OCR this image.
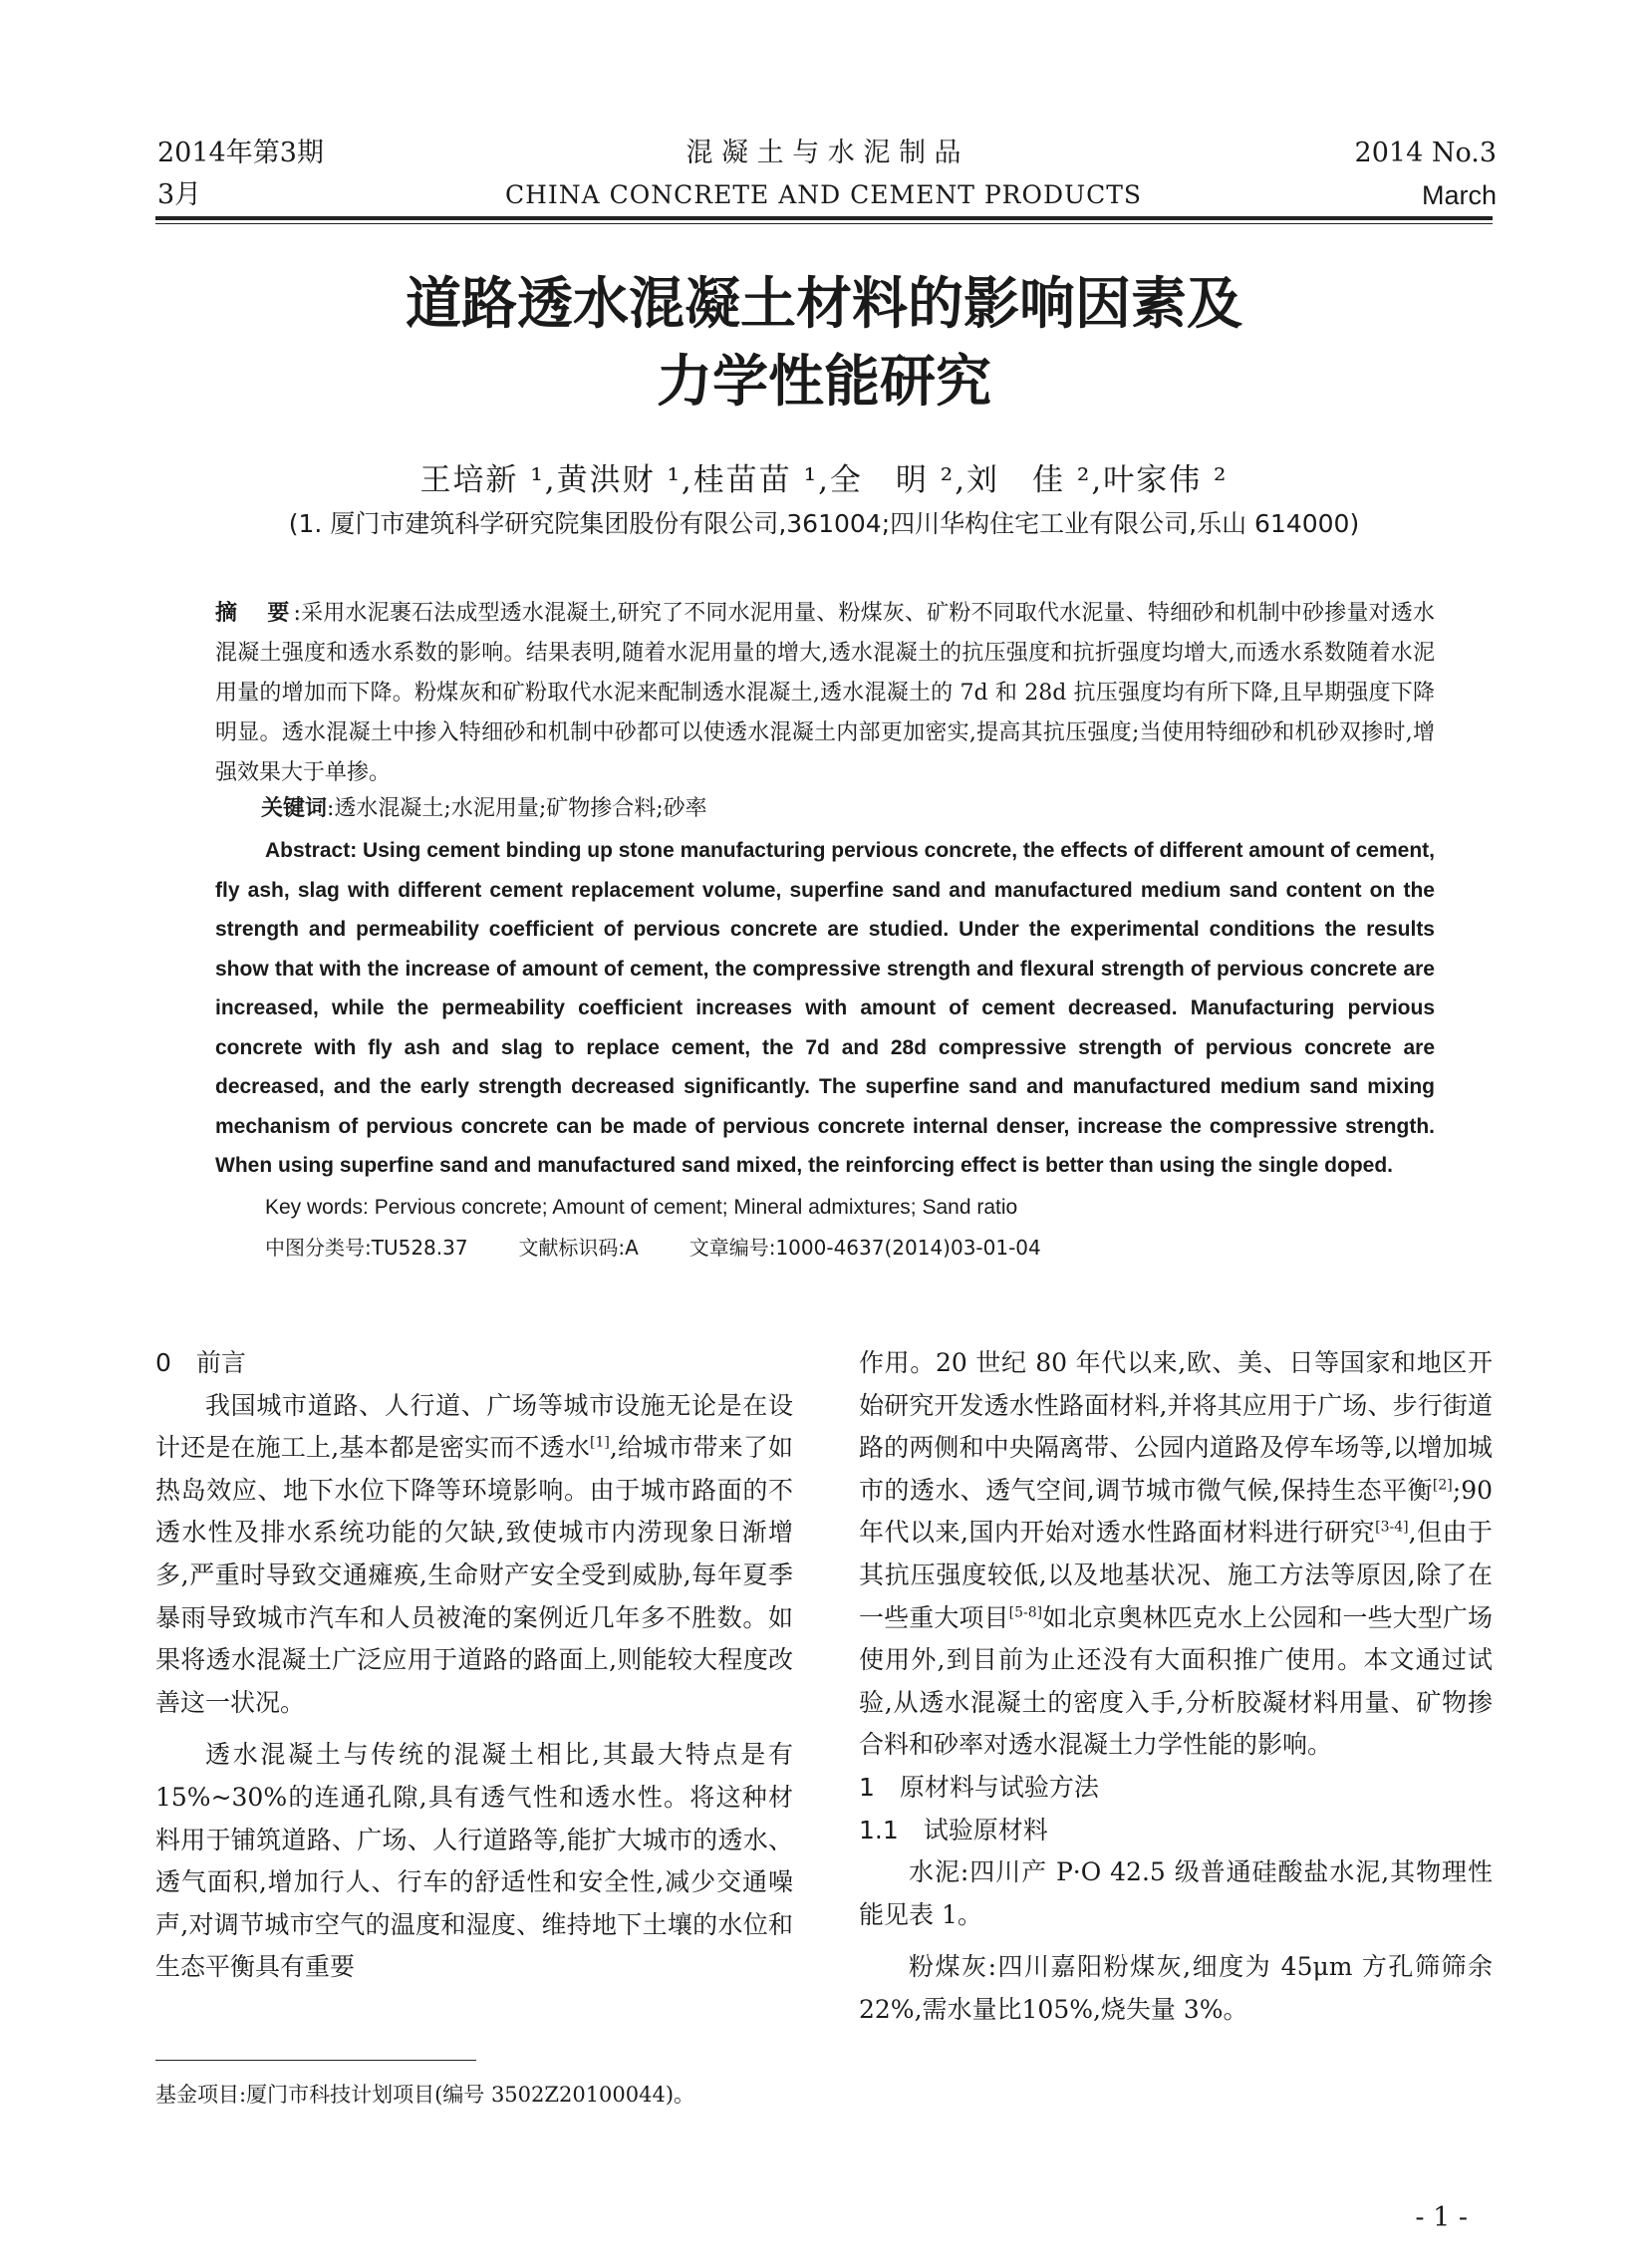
2014年第3期
3月
混 凝 土 与 水 泥 制 品
CHINA CONCRETE AND CEMENT PRODUCTS
2014 No.3
March
道路透水混凝土材料的影响因素及
力学性能研究
王培新 ¹,黄洪财 ¹,桂苗苗 ¹,全　明 ²,刘　佳 ²,叶家伟 ²
(1. 厦门市建筑科学研究院集团股份有限公司,361004;四川华构住宅工业有限公司,乐山 614000)
摘　要:采用水泥裹石法成型透水混凝土,研究了不同水泥用量、粉煤灰、矿粉不同取代水泥量、特细砂和机制中砂掺量对透水混凝土强度和透水系数的影响。结果表明,随着水泥用量的增大,透水混凝土的抗压强度和抗折强度均增大,而透水系数随着水泥用量的增加而下降。粉煤灰和矿粉取代水泥来配制透水混凝土,透水混凝土的 7d 和 28d 抗压强度均有所下降,且早期强度下降明显。透水混凝土中掺入特细砂和机制中砂都可以使透水混凝土内部更加密实,提高其抗压强度;当使用特细砂和机砂双掺时,增强效果大于单掺。
关键词:透水混凝土;水泥用量;矿物掺合料;砂率
Abstract: Using cement binding up stone manufacturing pervious concrete, the effects of different amount of cement, fly ash, slag with different cement replacement volume, superfine sand and manufactured medium sand content on the strength and permeability coefficient of pervious concrete are studied. Under the experimental conditions the results show that with the increase of amount of cement, the compressive strength and flexural strength of pervious concrete are increased, while the permeability coefficient increases with amount of cement decreased. Manufacturing pervious concrete with fly ash and slag to replace cement, the 7d and 28d compressive strength of pervious concrete are decreased, and the early strength decreased significantly. The superfine sand and manufactured medium sand mixing mechanism of pervious concrete can be made of pervious concrete internal denser, increase the compressive strength. When using superfine sand and manufactured sand mixed, the reinforcing effect is better than using the single doped.
Key words: Pervious concrete; Amount of cement; Mineral admixtures; Sand ratio
中图分类号:TU528.37	文献标识码:A	文章编号:1000-4637(2014)03-01-04

0　前言

我国城市道路、人行道、广场等城市设施无论是在设计还是在施工上,基本都是密实而不透水[1],给城市带来了如热岛效应、地下水位下降等环境影响。由于城市路面的不透水性及排水系统功能的欠缺,致使城市内涝现象日渐增多,严重时导致交通瘫痪,生命财产安全受到威胁,每年夏季暴雨导致城市汽车和人员被淹的案例近几年多不胜数。如果将透水混凝土广泛应用于道路的路面上,则能较大程度改善这一状况。

透水混凝土与传统的混凝土相比,其最大特点是有 15%~30%的连通孔隙,具有透气性和透水性。将这种材料用于铺筑道路、广场、人行道路等,能扩大城市的透水、透气面积,增加行人、行车的舒适性和安全性,减少交通噪声,对调节城市空气的温度和湿度、维持地下土壤的水位和生态平衡具有重要

作用。20 世纪 80 年代以来,欧、美、日等国家和地区开始研究开发透水性路面材料,并将其应用于广场、步行街道路的两侧和中央隔离带、公园内道路及停车场等,以增加城市的透水、透气空间,调节城市微气候,保持生态平衡[2];90 年代以来,国内开始对透水性路面材料进行研究[3-4],但由于其抗压强度较低,以及地基状况、施工方法等原因,除了在一些重大项目[5-8]如北京奥林匹克水上公园和一些大型广场使用外,到目前为止还没有大面积推广使用。本文通过试验,从透水混凝土的密度入手,分析胶凝材料用量、矿物掺合料和砂率对透水混凝土力学性能的影响。

1　原材料与试验方法

1.1　试验原材料

水泥:四川产 P·O 42.5 级普通硅酸盐水泥,其物理性能见表 1。

粉煤灰:四川嘉阳粉煤灰,细度为 45μm 方孔筛筛余 22%,需水量比105%,烧失量 3%。

基金项目:厦门市科技计划项目(编号 3502Z20100044)。
- 1 -
